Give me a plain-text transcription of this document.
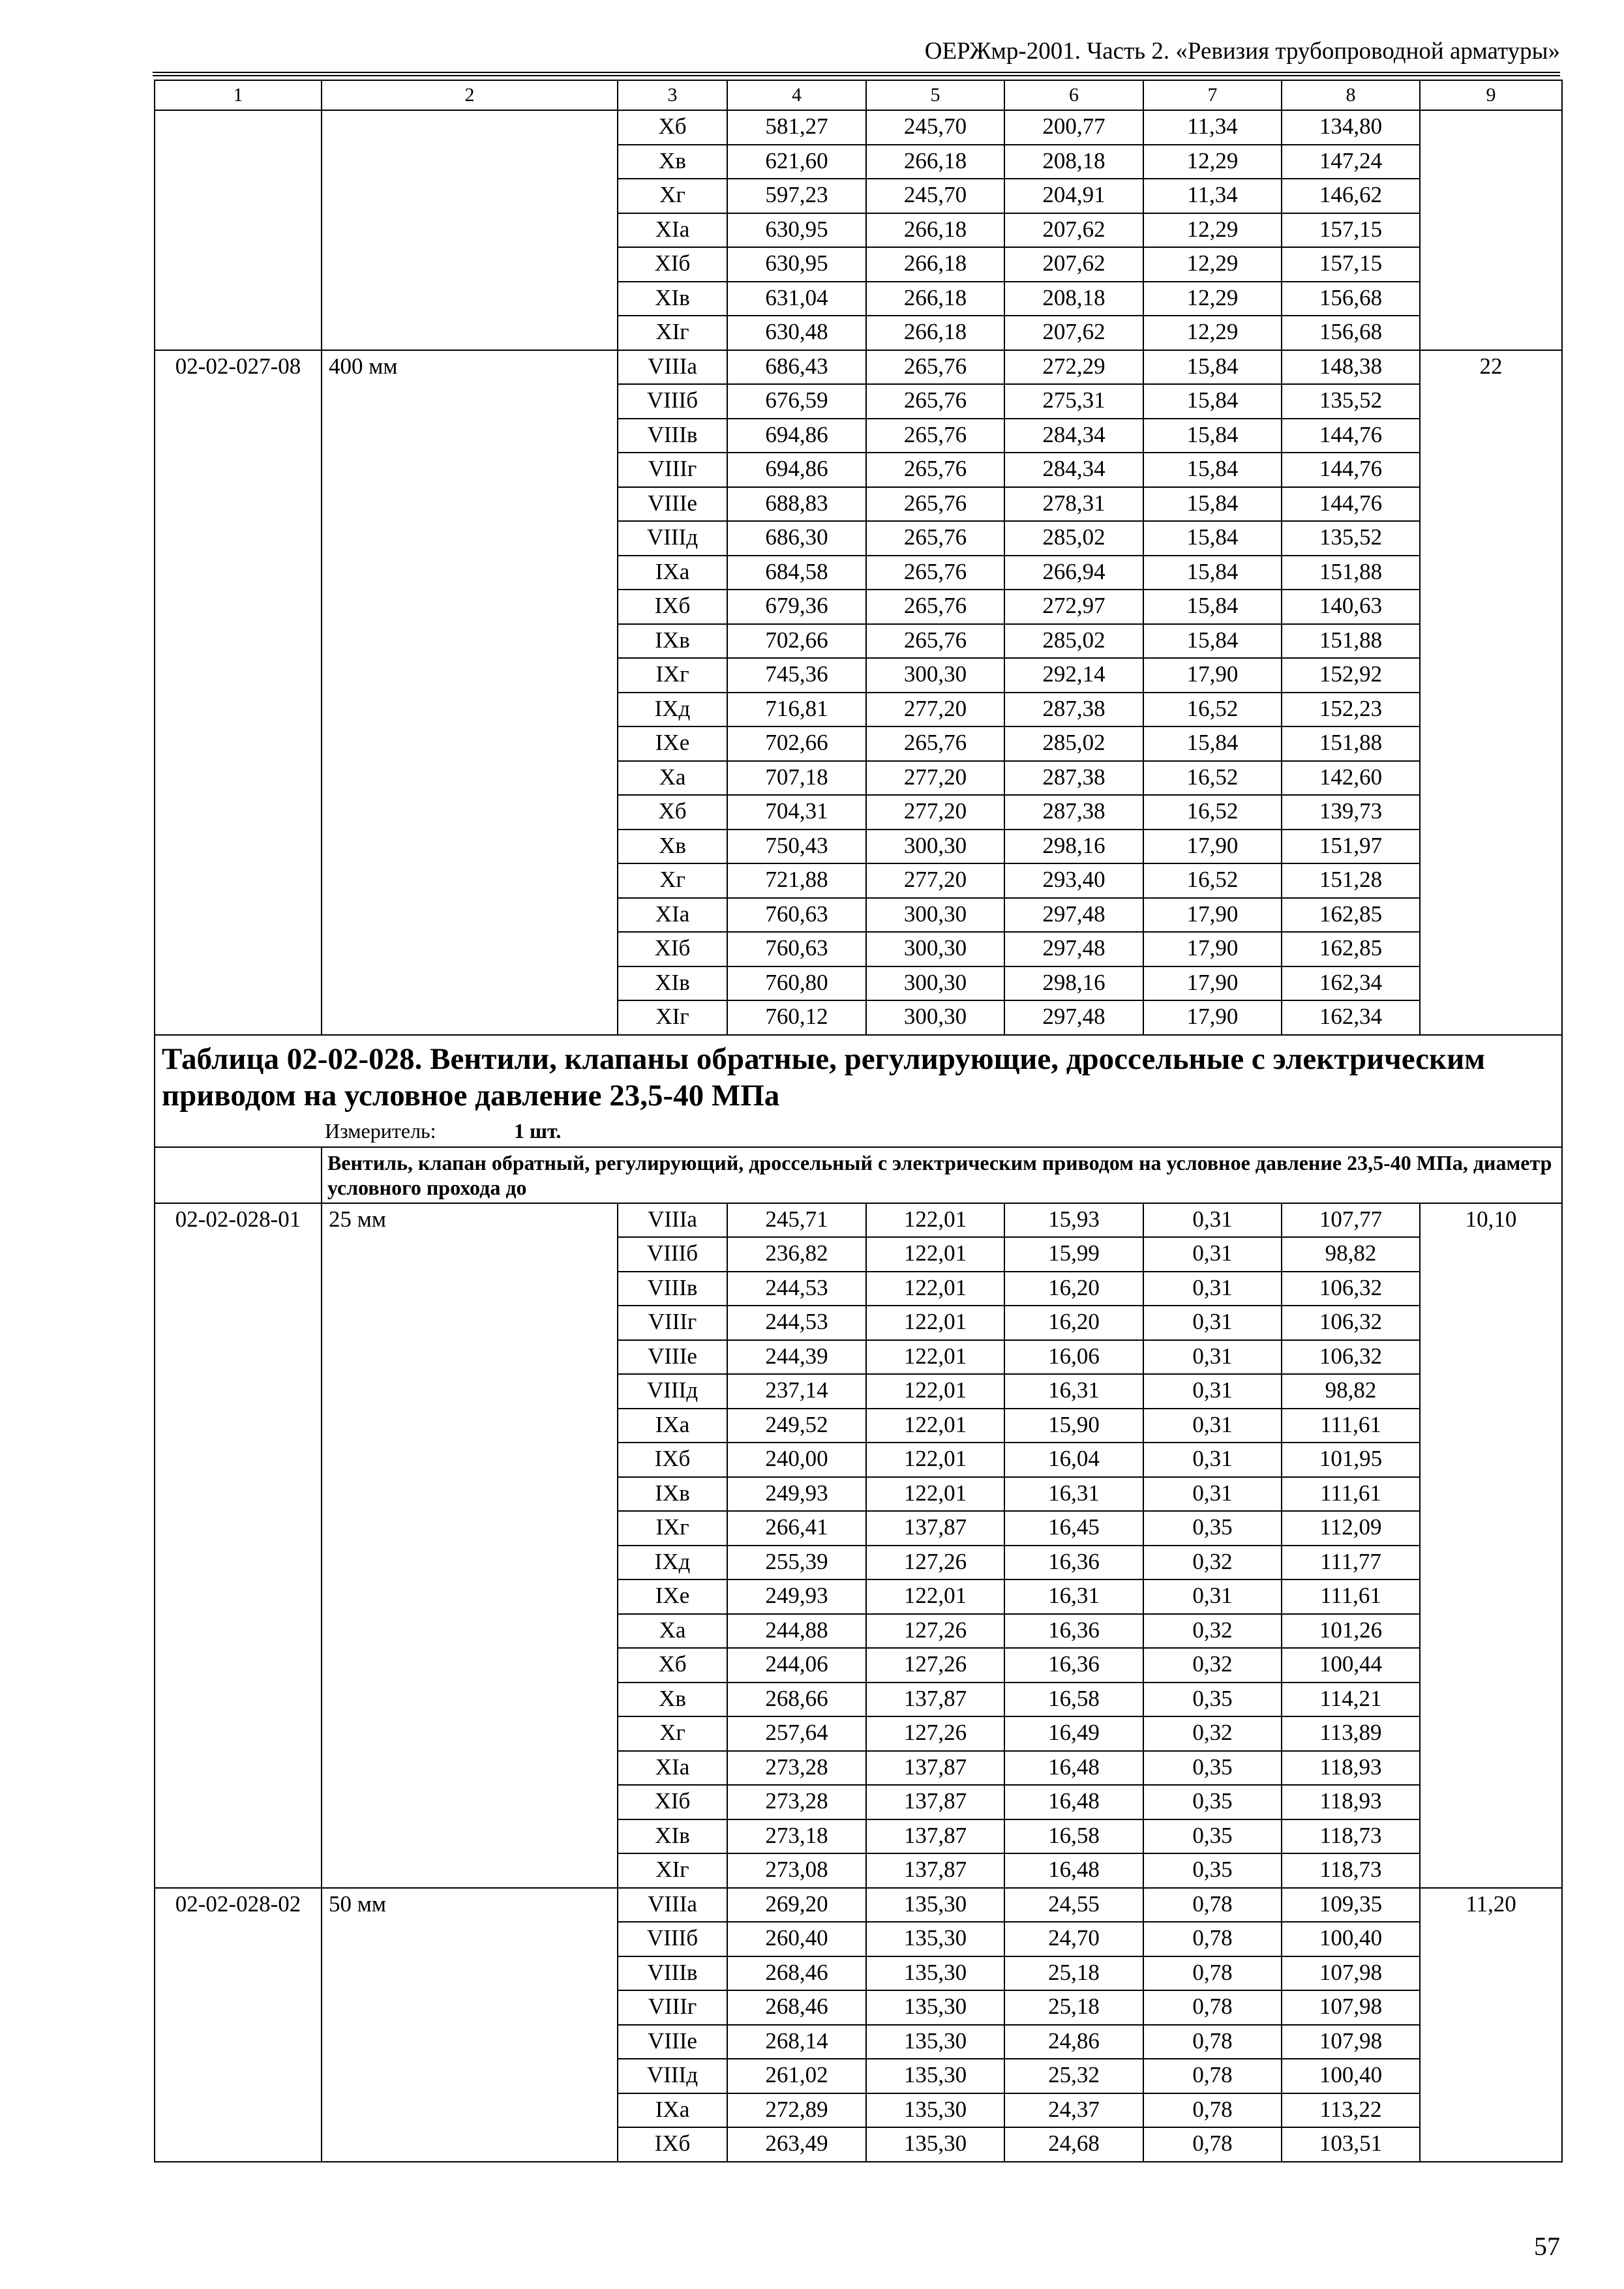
ОЕРЖмр-2001. Часть 2. «Ревизия трубопроводной арматуры»
1	2	3	4	5	6	7	8	9
		Хб	581,27	245,70	200,77	11,34	134,80	
		Хв	621,60	266,18	208,18	12,29	147,24	
		Хг	597,23	245,70	204,91	11,34	146,62	
		XIa	630,95	266,18	207,62	12,29	157,15	
		XIб	630,95	266,18	207,62	12,29	157,15	
		XIв	631,04	266,18	208,18	12,29	156,68	
		XIг	630,48	266,18	207,62	12,29	156,68	
02-02-027-08	400 мм	VIIIa	686,43	265,76	272,29	15,84	148,38	22
		VIIIб	676,59	265,76	275,31	15,84	135,52	
		VIIIв	694,86	265,76	284,34	15,84	144,76	
		VIIIг	694,86	265,76	284,34	15,84	144,76	
		VIIIe	688,83	265,76	278,31	15,84	144,76	
		VIIIд	686,30	265,76	285,02	15,84	135,52	
		IXa	684,58	265,76	266,94	15,84	151,88	
		IXб	679,36	265,76	272,97	15,84	140,63	
		IXв	702,66	265,76	285,02	15,84	151,88	
		IXг	745,36	300,30	292,14	17,90	152,92	
		IXд	716,81	277,20	287,38	16,52	152,23	
		IXe	702,66	265,76	285,02	15,84	151,88	
		Xa	707,18	277,20	287,38	16,52	142,60	
		Хб	704,31	277,20	287,38	16,52	139,73	
		Хв	750,43	300,30	298,16	17,90	151,97	
		Хг	721,88	277,20	293,40	16,52	151,28	
		XIa	760,63	300,30	297,48	17,90	162,85	
		XIб	760,63	300,30	297,48	17,90	162,85	
		XIв	760,80	300,30	298,16	17,90	162,34	
		XIг	760,12	300,30	297,48	17,90	162,34	

Таблица 02-02-028. Вентили, клапаны обратные, регулирующие, дроссельные с электрическим приводом на условное давление 23,5-40 МПа
Измеритель: 1 шт.								

	Вентиль, клапан обратный, регулирующий, дроссельный с электрическим приводом на условное давление 23,5-40 МПа, диаметр условного прохода до							
02-02-028-01	25 мм	VIIIa	245,71	122,01	15,93	0,31	107,77	10,10
		VIIIб	236,82	122,01	15,99	0,31	98,82	
		VIIIв	244,53	122,01	16,20	0,31	106,32	
		VIIIг	244,53	122,01	16,20	0,31	106,32	
		VIIIe	244,39	122,01	16,06	0,31	106,32	
		VIIIд	237,14	122,01	16,31	0,31	98,82	
		IXa	249,52	122,01	15,90	0,31	111,61	
		IXб	240,00	122,01	16,04	0,31	101,95	
		IXв	249,93	122,01	16,31	0,31	111,61	
		IXг	266,41	137,87	16,45	0,35	112,09	
		IXд	255,39	127,26	16,36	0,32	111,77	
		IXe	249,93	122,01	16,31	0,31	111,61	
		Xa	244,88	127,26	16,36	0,32	101,26	
		Хб	244,06	127,26	16,36	0,32	100,44	
		Хв	268,66	137,87	16,58	0,35	114,21	
		Хг	257,64	127,26	16,49	0,32	113,89	
		XIa	273,28	137,87	16,48	0,35	118,93	
		XIб	273,28	137,87	16,48	0,35	118,93	
		XIв	273,18	137,87	16,58	0,35	118,73	
		XIг	273,08	137,87	16,48	0,35	118,73	
02-02-028-02	50 мм	VIIIa	269,20	135,30	24,55	0,78	109,35	11,20
		VIIIб	260,40	135,30	24,70	0,78	100,40	
		VIIIв	268,46	135,30	25,18	0,78	107,98	
		VIIIг	268,46	135,30	25,18	0,78	107,98	
		VIIIe	268,14	135,30	24,86	0,78	107,98	
		VIIIд	261,02	135,30	25,32	0,78	100,40	
		IXa	272,89	135,30	24,37	0,78	113,22	
		IXб	263,49	135,30	24,68	0,78	103,51	
57
